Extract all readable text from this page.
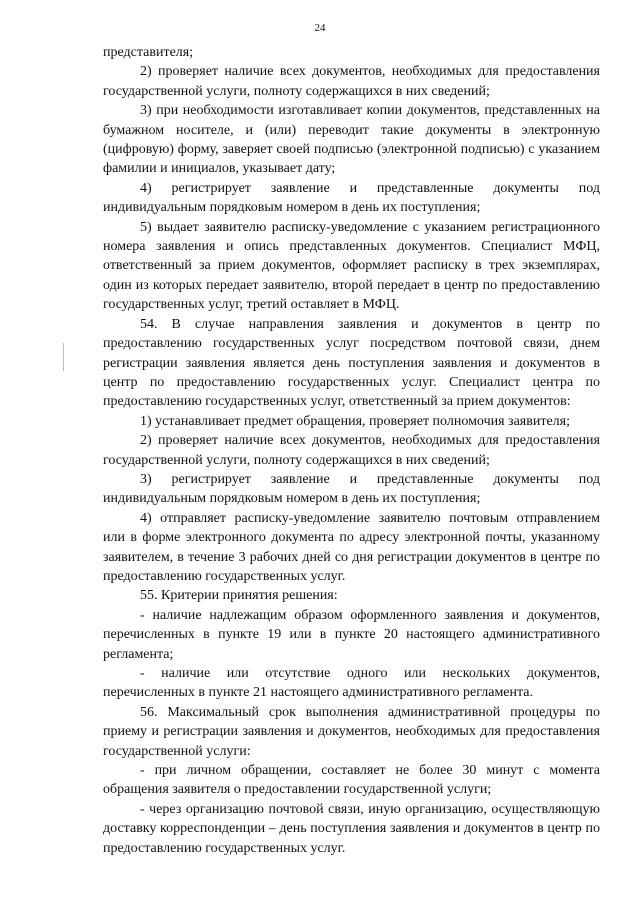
24

представителя;

2) проверяет наличие всех документов, необходимых для предоставления государственной услуги, полноту содержащихся в них сведений;

3) при необходимости изготавливает копии документов, представленных на бумажном носителе, и (или) переводит такие документы в электронную (цифровую) форму, заверяет своей подписью (электронной подписью) с указанием фамилии и инициалов, указывает дату;

4) регистрирует заявление и представленные документы под индивидуальным порядковым номером в день их поступления;

5) выдает заявителю расписку-уведомление с указанием регистрационного номера заявления и опись представленных документов. Специалист МФЦ, ответственный за прием документов, оформляет расписку в трех экземплярах, один из которых передает заявителю, второй передает в центр по предоставлению государственных услуг, третий оставляет в МФЦ.

54. В случае направления заявления и документов в центр по предоставлению государственных услуг посредством почтовой связи, днем регистрации заявления является день поступления заявления и документов в центр по предоставлению государственных услуг. Специалист центра по предоставлению государственных услуг, ответственный за прием документов:

1) устанавливает предмет обращения, проверяет полномочия заявителя;

2) проверяет наличие всех документов, необходимых для предоставления государственной услуги, полноту содержащихся в них сведений;

3) регистрирует заявление и представленные документы под индивидуальным порядковым номером в день их поступления;

4) отправляет расписку-уведомление заявителю почтовым отправлением или в форме электронного документа по адресу электронной почты, указанному заявителем, в течение 3 рабочих дней со дня регистрации документов в центре по предоставлению государственных услуг.

55. Критерии принятия решения:

- наличие надлежащим образом оформленного заявления и документов, перечисленных в пункте 19 или в пункте 20 настоящего административного регламента;

- наличие или отсутствие одного или нескольких документов, перечисленных в пункте 21 настоящего административного регламента.

56. Максимальный срок выполнения административной процедуры по приему и регистрации заявления и документов, необходимых для предоставления государственной услуги:

- при личном обращении, составляет не более 30 минут с момента обращения заявителя о предоставлении государственной услуги;

- через организацию почтовой связи, иную организацию, осуществляющую доставку корреспонденции – день поступления заявления и документов в центр по предоставлению государственных услуг.
